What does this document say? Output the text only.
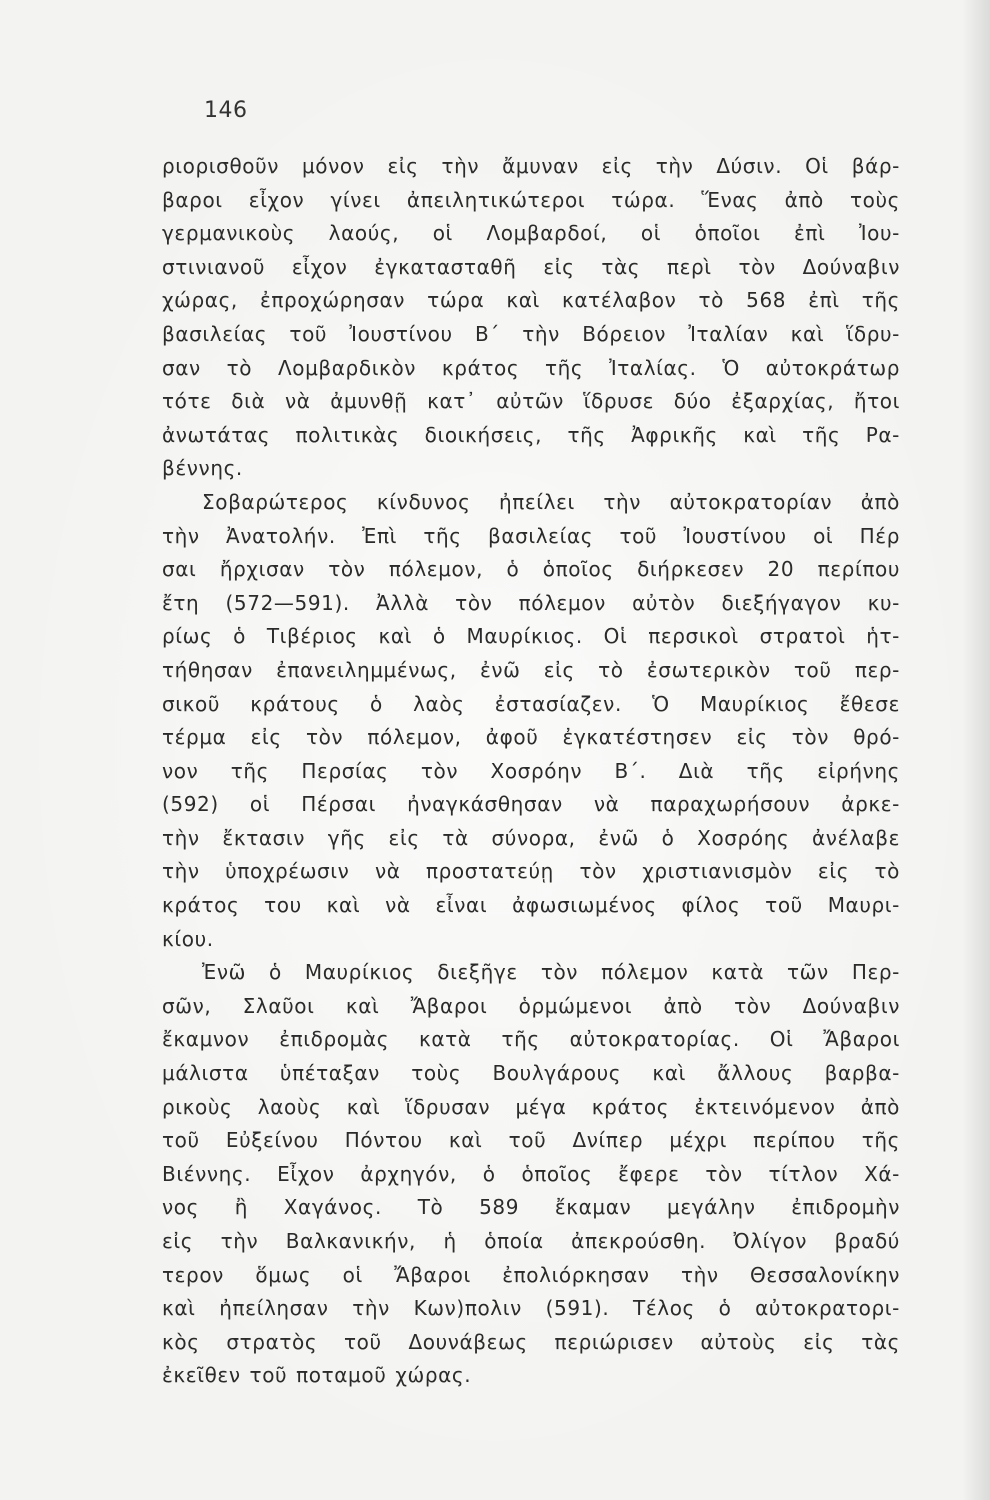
146
ριορισθοῦν μόνον εἰς τὴν ἄμυναν εἰς τὴν Δύσιν. Οἱ βάρ-
βαροι εἶχον γίνει ἀπειλητικώτεροι τώρα. Ἕνας ἀπὸ τοὺς
γερμανικοὺς λαούς, οἱ Λομβαρδοί, οἱ ὁποῖοι ἐπὶ Ἰου-
στινιανοῦ εἶχον ἐγκατασταθῆ εἰς τὰς περὶ τὸν Δούναβιν
χώρας, ἐπροχώρησαν τώρα καὶ κατέλαβον τὸ 568 ἐπὶ τῆς
βασιλείας τοῦ Ἰουστίνου Β΄ τὴν Βόρειον Ἰταλίαν καὶ ἵδρυ-
σαν τὸ Λομβαρδικὸν κράτος τῆς Ἰταλίας. Ὁ αὐτοκράτωρ
τότε διὰ νὰ ἀμυνθῇ κατ᾽ αὐτῶν ἵδρυσε δύο ἐξαρχίας, ἤτοι
ἀνωτάτας πολιτικὰς διοικήσεις, τῆς Ἀφρικῆς καὶ τῆς Ρα-
βέννης.
Σοβαρώτερος κίνδυνος ἠπείλει τὴν αὐτοκρατορίαν ἀπὸ
τὴν Ἀνατολήν. Ἐπὶ τῆς βασιλείας τοῦ Ἰουστίνου οἱ Πέρ
σαι ἤρχισαν τὸν πόλεμον, ὁ ὁποῖος διήρκεσεν 20 περίπου
ἔτη (572—591). Ἀλλὰ τὸν πόλεμον αὐτὸν διεξήγαγον κυ-
ρίως ὁ Τιβέριος καὶ ὁ Μαυρίκιος. Οἱ περσικοὶ στρατοὶ ἡτ-
τήθησαν ἐπανειλημμένως, ἐνῶ εἰς τὸ ἐσωτερικὸν τοῦ περ-
σικοῦ κράτους ὁ λαὸς ἐστασίαζεν. Ὁ Μαυρίκιος ἔθεσε
τέρμα εἰς τὸν πόλεμον, ἀφοῦ ἐγκατέστησεν εἰς τὸν θρό-
νον τῆς Περσίας τὸν Χοσρόην Β΄. Διὰ τῆς εἰρήνης
(592) οἱ Πέρσαι ἠναγκάσθησαν νὰ παραχωρήσουν ἀρκε-
τὴν ἔκτασιν γῆς εἰς τὰ σύνορα, ἐνῶ ὁ Χοσρόης ἀνέλαβε
τὴν ὑποχρέωσιν νὰ προστατεύῃ τὸν χριστιανισμὸν εἰς τὸ
κράτος του καὶ νὰ εἶναι ἀφωσιωμένος φίλος τοῦ Μαυρι-
κίου.
Ἐνῶ ὁ Μαυρίκιος διεξῆγε τὸν πόλεμον κατὰ τῶν Περ-
σῶν, Σλαῦοι καὶ Ἄβαροι ὁρμώμενοι ἀπὸ τὸν Δούναβιν
ἔκαμνον ἐπιδρομὰς κατὰ τῆς αὐτοκρατορίας. Οἱ Ἄβαροι
μάλιστα ὑπέταξαν τοὺς Βουλγάρους καὶ ἄλλους βαρβα-
ρικοὺς λαοὺς καὶ ἵδρυσαν μέγα κράτος ἐκτεινόμενον ἀπὸ
τοῦ Εὐξείνου Πόντου καὶ τοῦ Δνίπερ μέχρι περίπου τῆς
Βιέννης. Εἶχον ἀρχηγόν, ὁ ὁποῖος ἔφερε τὸν τίτλον Χά-
νος ἢ Χαγάνος. Τὸ 589 ἔκαμαν μεγάλην ἐπιδρομὴν
εἰς τὴν Βαλκανικήν, ἡ ὁποία ἀπεκρούσθη. Ὀλίγον βραδύ
τερον ὅμως οἱ Ἄβαροι ἐπολιόρκησαν τὴν Θεσσαλονίκην
καὶ ἠπείλησαν τὴν Κων)πολιν (591). Τέλος ὁ αὐτοκρατορι-
κὸς στρατὸς τοῦ Δουνάβεως περιώρισεν αὐτοὺς εἰς τὰς
ἐκεῖθεν τοῦ ποταμοῦ χώρας.
